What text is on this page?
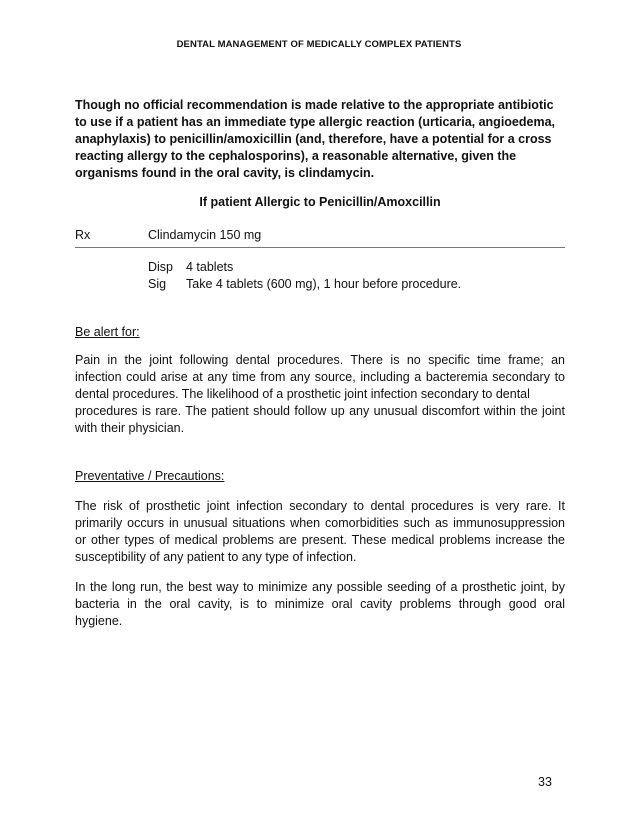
DENTAL MANAGEMENT OF MEDICALLY COMPLEX PATIENTS

Though no official recommendation is made relative to the appropriate antibiotic
to use if a patient has an immediate type allergic reaction (urticaria, angioedema,
anaphylaxis) to penicillin/amoxicillin (and, therefore, have a potential for a cross
reacting allergy to the cephalosporins), a reasonable alternative, given the
organisms found in the oral cavity, is clindamycin.

If patient Allergic to Penicillin/Amoxcillin

Rx	Clindamycin 150 mg
Disp	4 tablets
Sig	Take 4 tablets (600 mg), 1 hour before procedure.

Be alert for:

Pain in the joint following dental procedures. There is no specific time frame; an
infection could arise at any time from any source, including a bacteremia secondary to
dental procedures. The likelihood of a prosthetic joint infection secondary to dental
procedures is rare. The patient should follow up any unusual discomfort within the joint
with their physician.

Preventative / Precautions:

The risk of prosthetic joint infection secondary to dental procedures is very rare. It
primarily occurs in unusual situations when comorbidities such as immunosuppression
or other types of medical problems are present. These medical problems increase the
susceptibility of any patient to any type of infection.

In the long run, the best way to minimize any possible seeding of a prosthetic joint, by
bacteria in the oral cavity, is to minimize oral cavity problems through good oral
hygiene.

33
